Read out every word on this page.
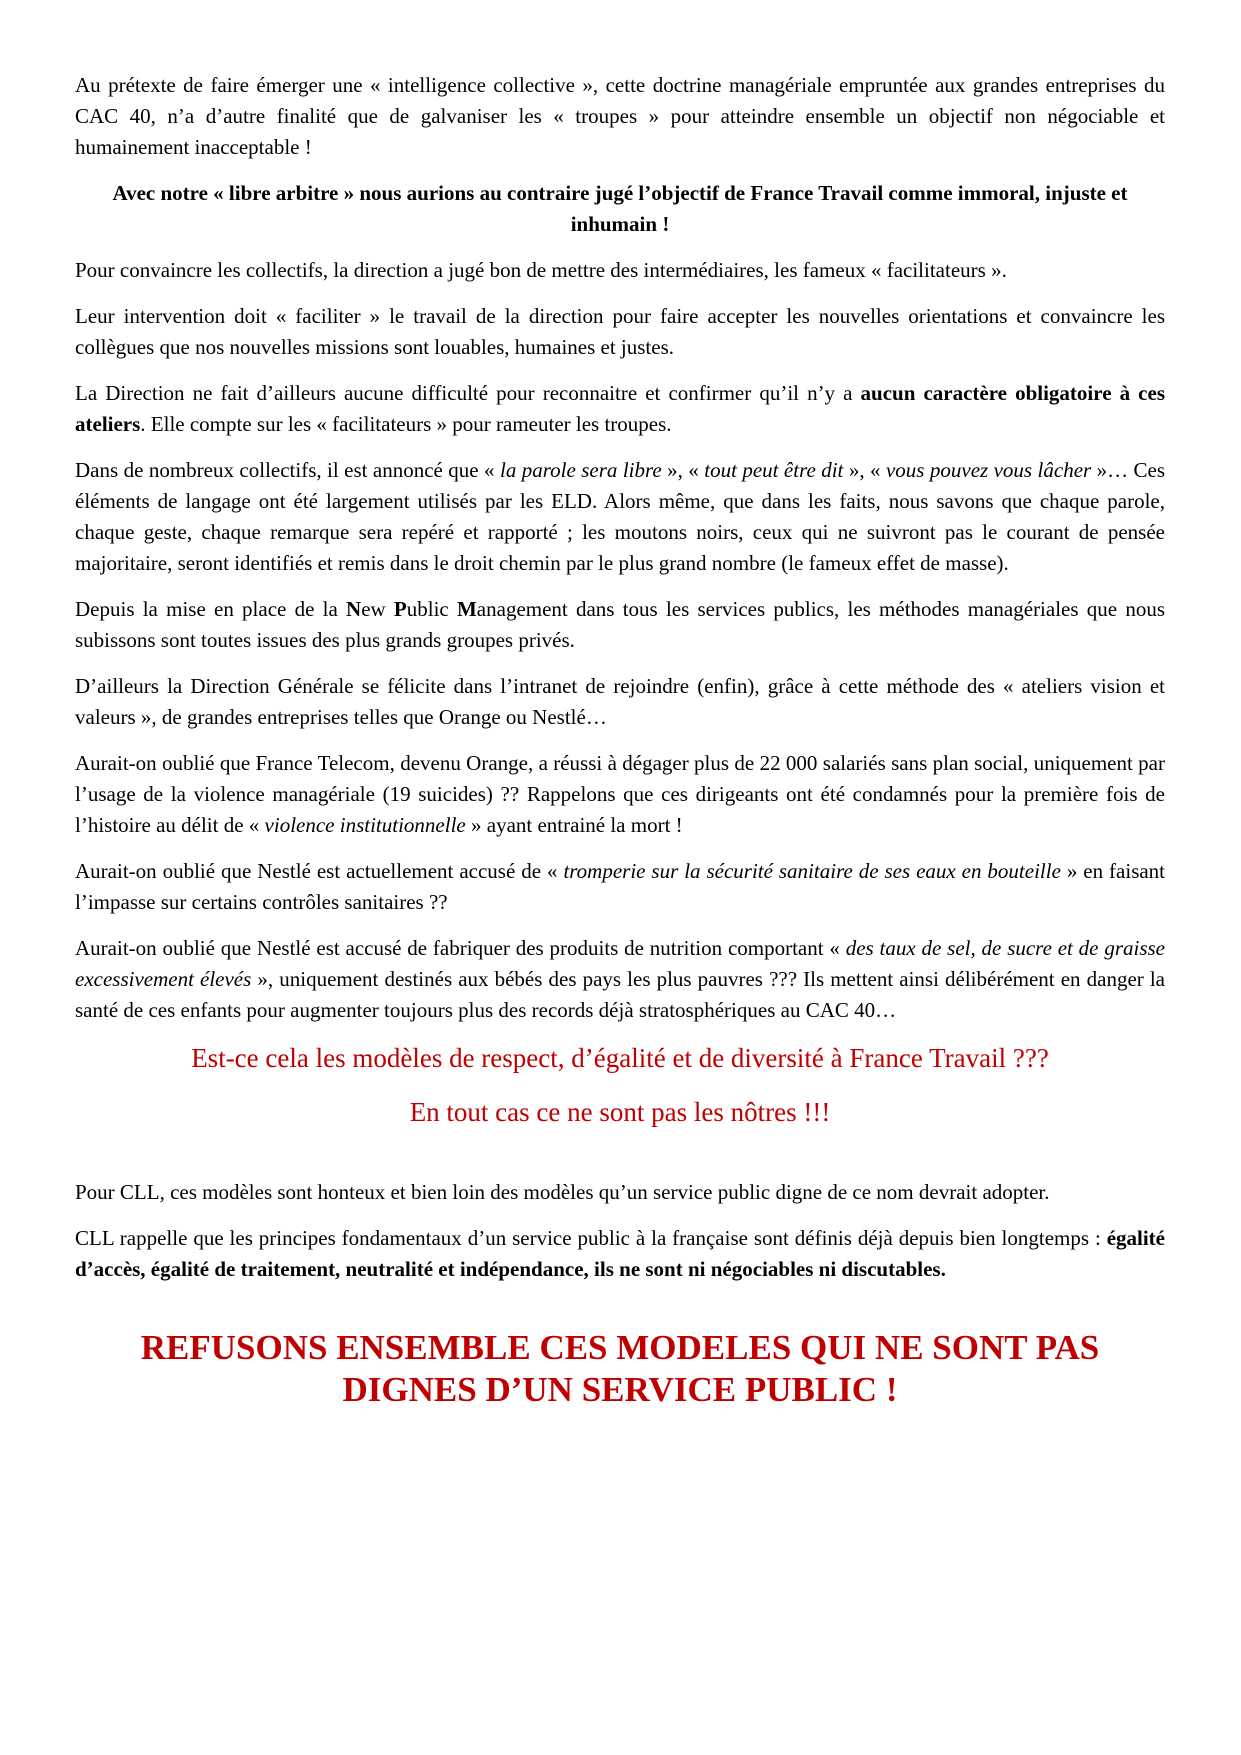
Au prétexte de faire émerger une « intelligence collective », cette doctrine managériale empruntée aux grandes entreprises du CAC 40, n’a d’autre finalité que de galvaniser les « troupes » pour atteindre ensemble un objectif non négociable et humainement inacceptable !

Avec notre « libre arbitre » nous aurions au contraire jugé l’objectif de France Travail comme immoral, injuste et inhumain !

Pour convaincre les collectifs, la direction a jugé bon de mettre des intermédiaires, les fameux « facilitateurs ».

Leur intervention doit « faciliter » le travail de la direction pour faire accepter les nouvelles orientations et convaincre les collègues que nos nouvelles missions sont louables, humaines et justes.

La Direction ne fait d’ailleurs aucune difficulté pour reconnaitre et confirmer qu’il n’y a aucun caractère obligatoire à ces ateliers. Elle compte sur les « facilitateurs » pour rameuter les troupes.

Dans de nombreux collectifs, il est annoncé que « la parole sera libre », « tout peut être dit », « vous pouvez vous lâcher »… Ces éléments de langage ont été largement utilisés par les ELD. Alors même, que dans les faits, nous savons que chaque parole, chaque geste, chaque remarque sera repéré et rapporté ; les moutons noirs, ceux qui ne suivront pas le courant de pensée majoritaire, seront identifiés et remis dans le droit chemin par le plus grand nombre (le fameux effet de masse).

Depuis la mise en place de la New Public Management dans tous les services publics, les méthodes managériales que nous subissons sont toutes issues des plus grands groupes privés.

D’ailleurs la Direction Générale se félicite dans l’intranet de rejoindre (enfin), grâce à cette méthode des « ateliers vision et valeurs », de grandes entreprises telles que Orange ou Nestlé…

Aurait-on oublié que France Telecom, devenu Orange, a réussi à dégager plus de 22 000 salariés sans plan social, uniquement par l’usage de la violence managériale (19 suicides) ?? Rappelons que ces dirigeants ont été condamnés pour la première fois de l’histoire au délit de « violence institutionnelle » ayant entrainé la mort !

Aurait-on oublié que Nestlé est actuellement accusé de « tromperie sur la sécurité sanitaire de ses eaux en bouteille » en faisant l’impasse sur certains contrôles sanitaires ??

Aurait-on oublié que Nestlé est accusé de fabriquer des produits de nutrition comportant « des taux de sel, de sucre et de graisse excessivement élevés », uniquement destinés aux bébés des pays les plus pauvres ??? Ils mettent ainsi délibérément en danger la santé de ces enfants pour augmenter toujours plus des records déjà stratosphériques au CAC 40…

Est-ce cela les modèles de respect, d’égalité et de diversité à France Travail ???

En tout cas ce ne sont pas les nôtres !!!

Pour CLL, ces modèles sont honteux et bien loin des modèles qu’un service public digne de ce nom devrait adopter.

CLL rappelle que les principes fondamentaux d’un service public à la française sont définis déjà depuis bien longtemps : égalité d’accès, égalité de traitement, neutralité et indépendance, ils ne sont ni négociables ni discutables.

REFUSONS ENSEMBLE CES MODELES QUI NE SONT PAS
DIGNES D’UN SERVICE PUBLIC !
